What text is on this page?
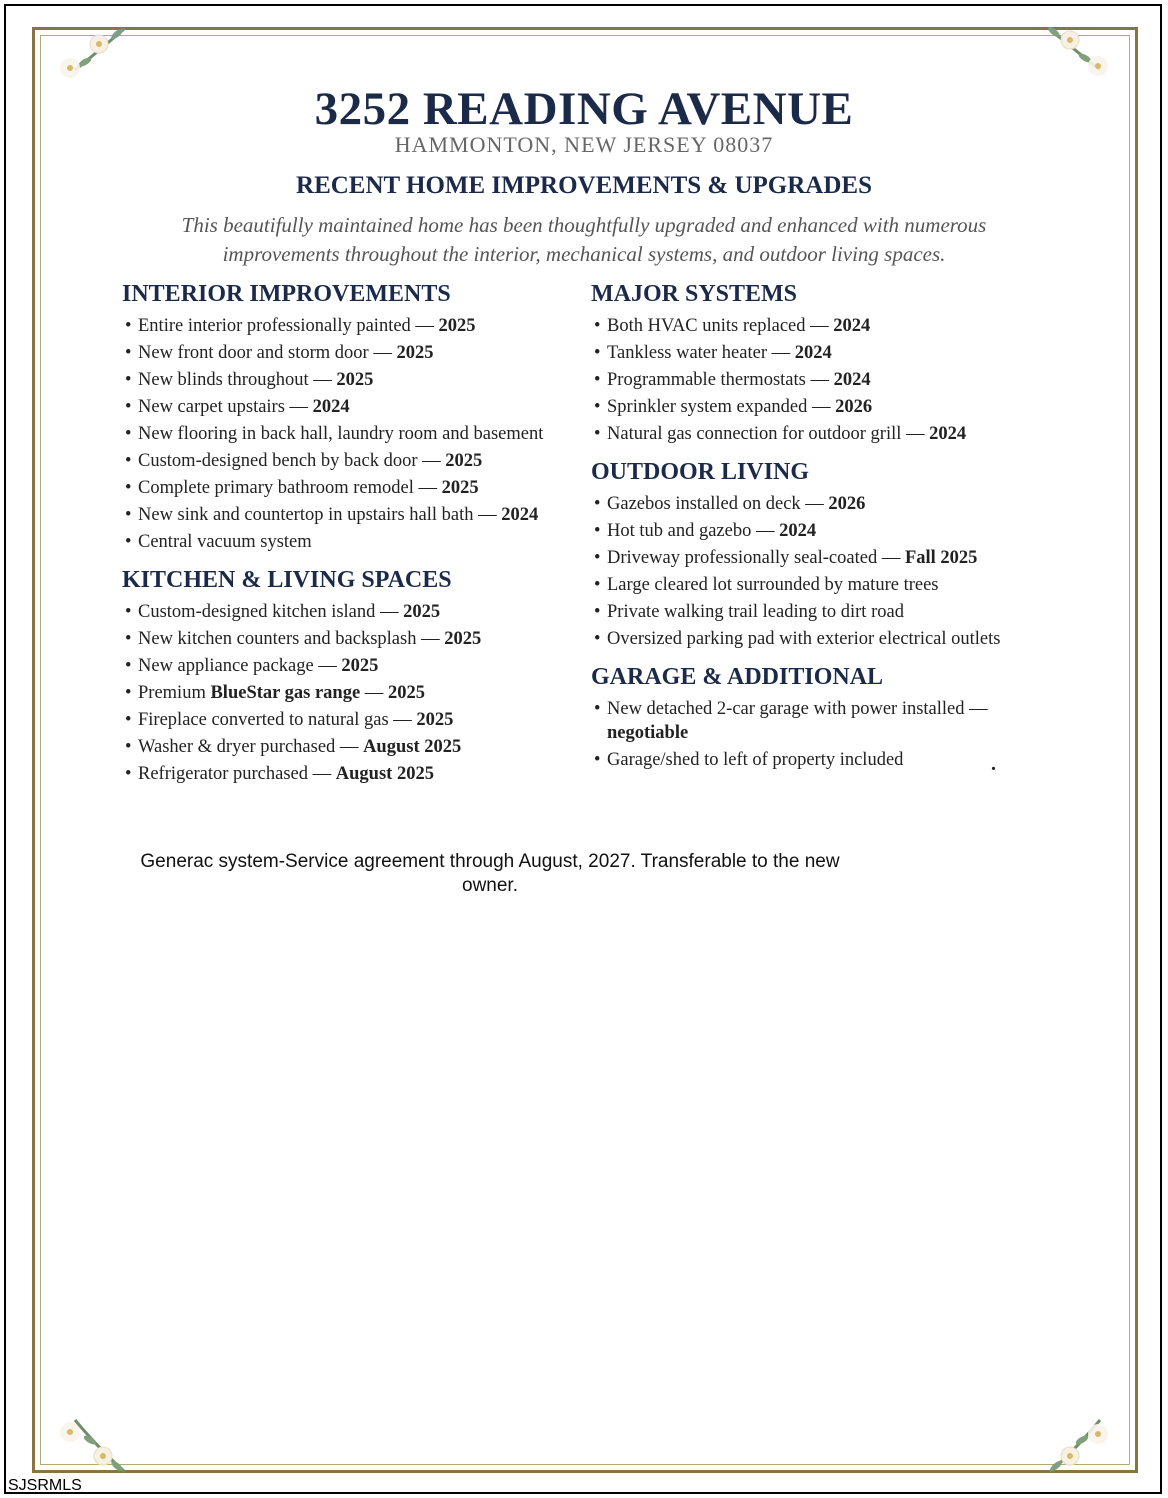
3252 READING AVENUE
HAMMONTON, NEW JERSEY 08037
RECENT HOME IMPROVEMENTS & UPGRADES
This beautifully maintained home has been thoughtfully upgraded and enhanced with numerous improvements throughout the interior, mechanical systems, and outdoor living spaces.
INTERIOR IMPROVEMENTS
• Entire interior professionally painted — 2025
• New front door and storm door — 2025
• New blinds throughout — 2025
• New carpet upstairs — 2024
• New flooring in back hall, laundry room and basement
• Custom-designed bench by back door — 2025
• Complete primary bathroom remodel — 2025
• New sink and countertop in upstairs hall bath — 2024
• Central vacuum system
KITCHEN & LIVING SPACES
• Custom-designed kitchen island — 2025
• New kitchen counters and backsplash — 2025
• New appliance package — 2025
• Premium BlueStar gas range — 2025
• Fireplace converted to natural gas — 2025
• Washer & dryer purchased — August 2025
• Refrigerator purchased — August 2025
MAJOR SYSTEMS
• Both HVAC units replaced — 2024
• Tankless water heater — 2024
• Programmable thermostats — 2024
• Sprinkler system expanded — 2026
• Natural gas connection for outdoor grill — 2024
OUTDOOR LIVING
• Gazebos installed on deck — 2026
• Hot tub and gazebo — 2024
• Driveway professionally seal-coated — Fall 2025
• Large cleared lot surrounded by mature trees
• Private walking trail leading to dirt road
• Oversized parking pad with exterior electrical outlets
GARAGE & ADDITIONAL
• New detached 2-car garage with power installed — negotiable
• Garage/shed to left of property included	.
Generac system-Service agreement through August, 2027. Transferable to the new owner.
SJSRMLS
